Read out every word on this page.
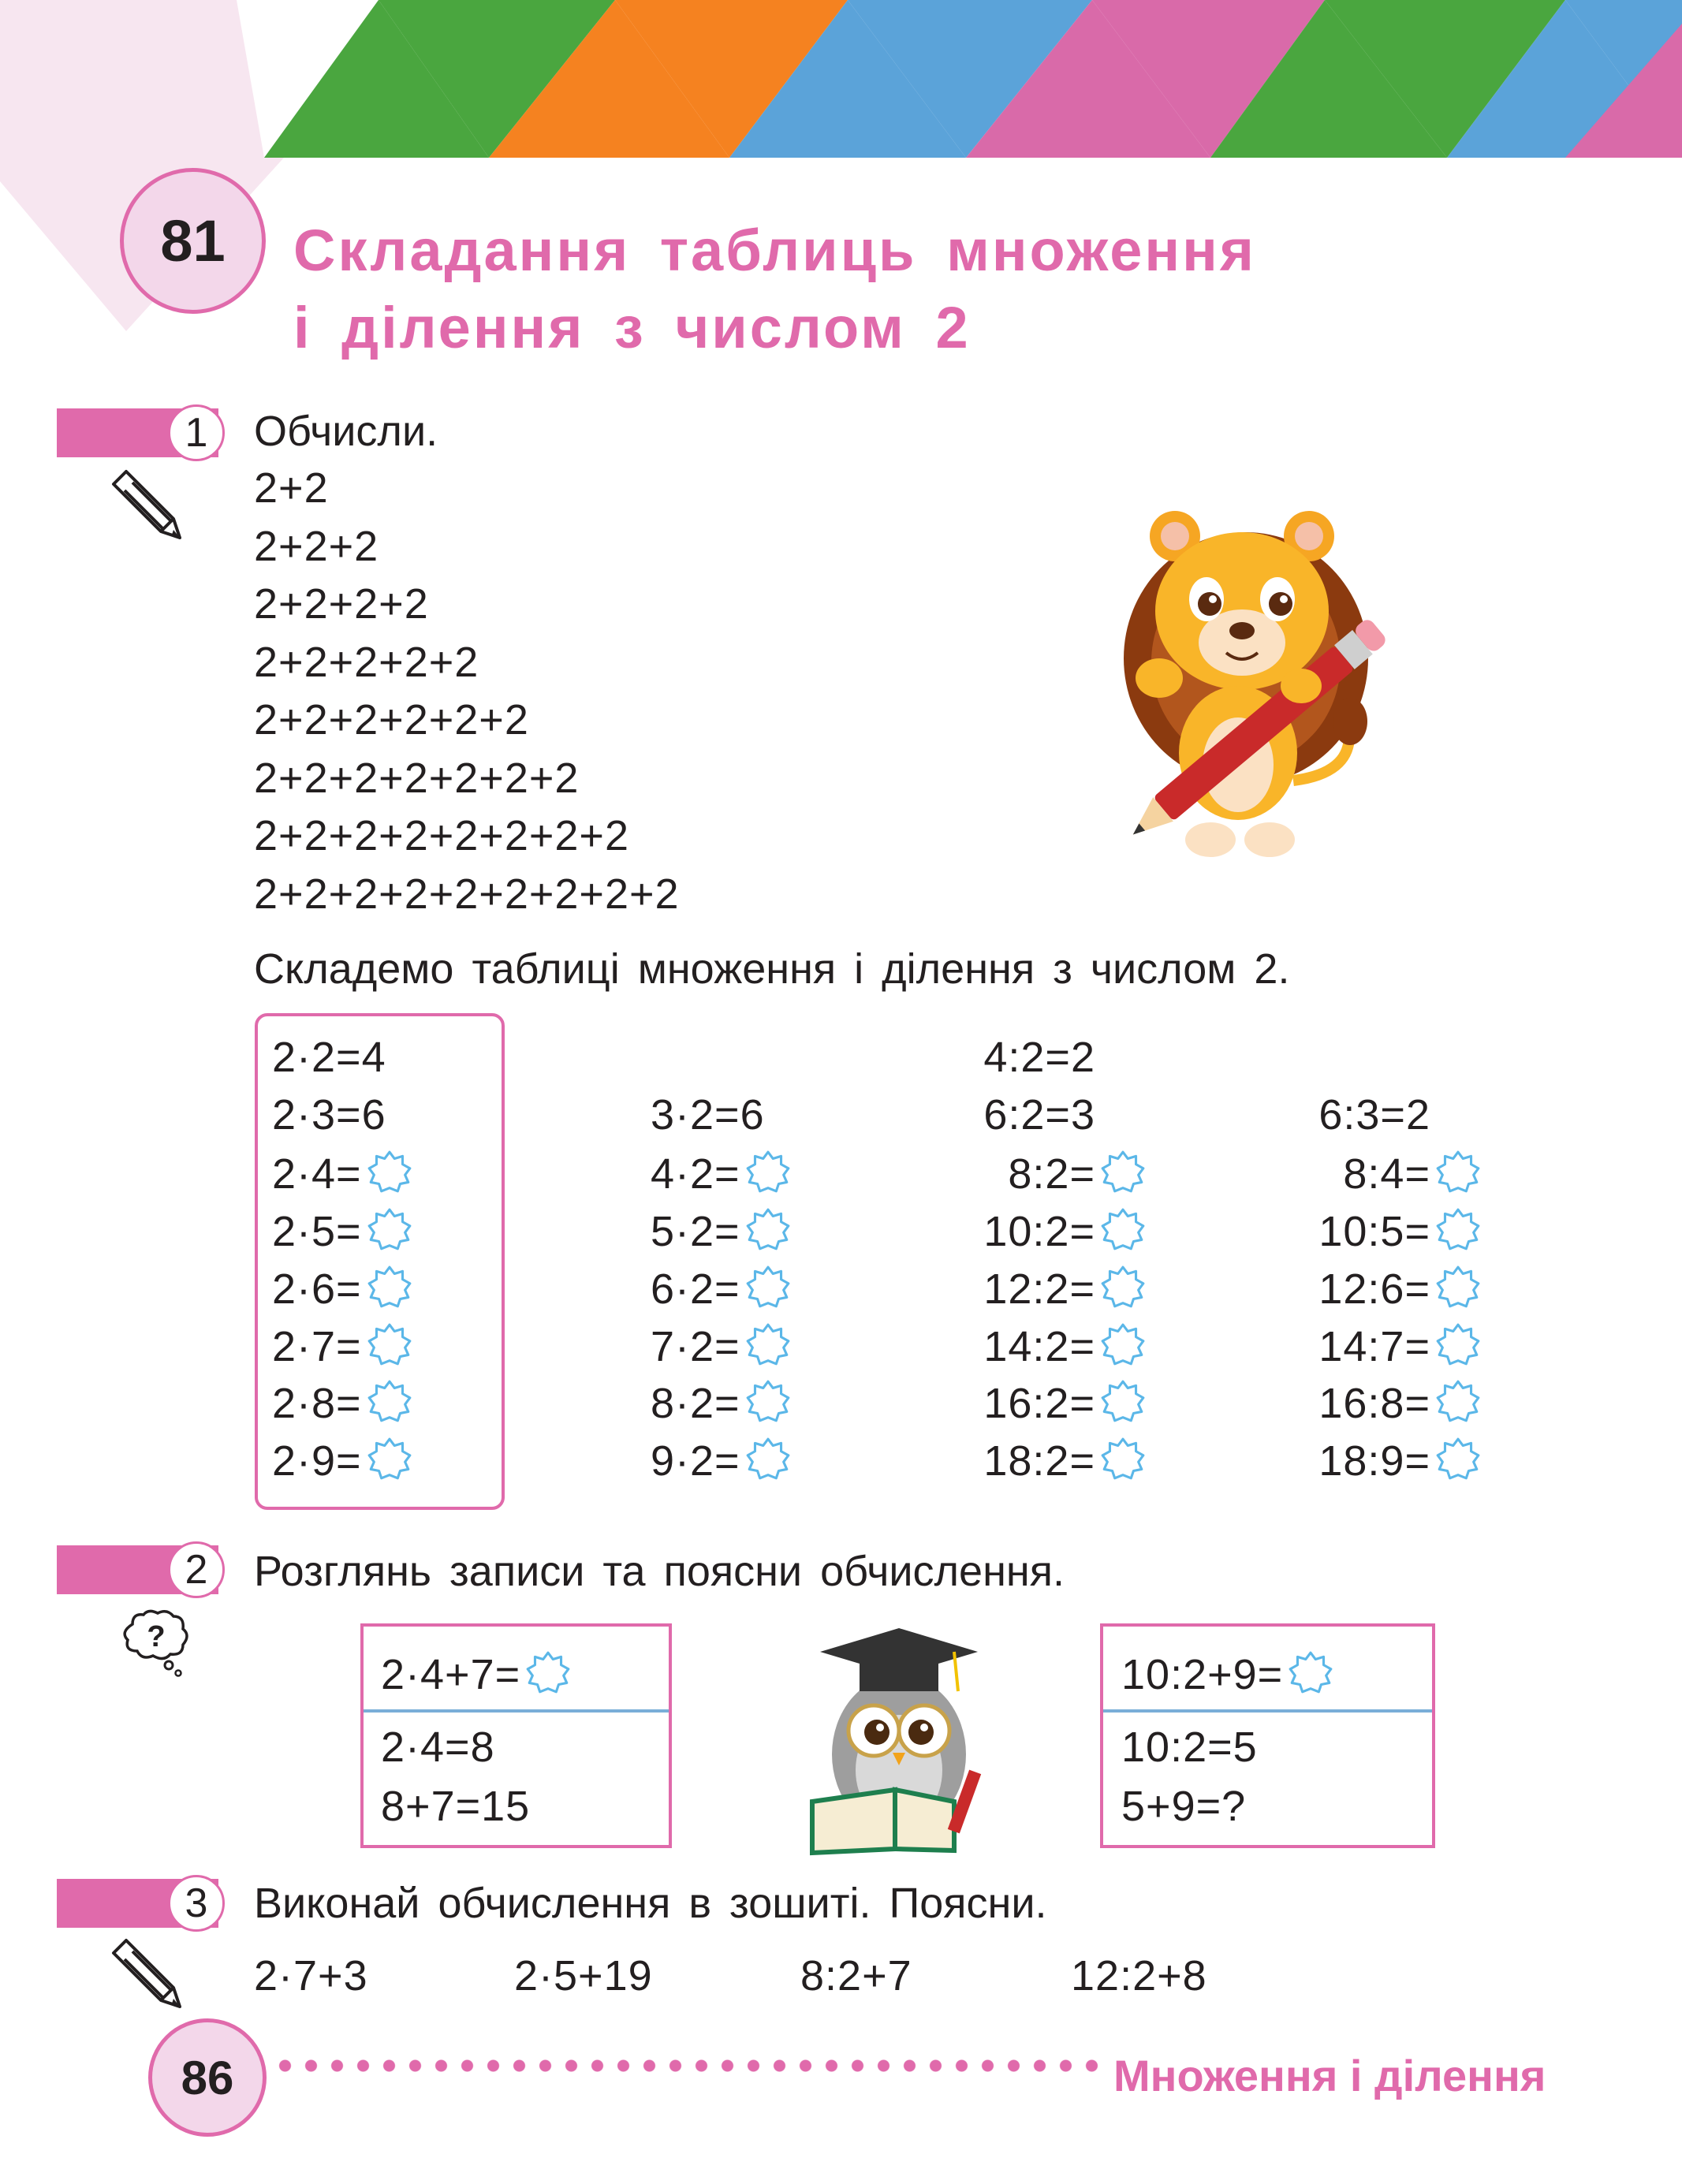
81	Складання таблиць множення
і ділення з числом 2
1	Обчисли.
2+2
2+2+2
2+2+2+2
2+2+2+2+2
2+2+2+2+2+2
2+2+2+2+2+2+2
2+2+2+2+2+2+2+2
2+2+2+2+2+2+2+2+2
Складемо таблиці множення і ділення з числом 2.
2·2=4
2·3=6
2·4=
2·5=
2·6=
2·7=
2·8=
2·9=
3·2=6
4·2=
5·2=
6·2=
7·2=
8·2=
9·2=
4:2=2
6:2=3
8:2=
10:2=
12:2=
14:2=
16:2=
18:2=
6:3=2
8:4=
10:5=
12:6=
14:7=
16:8=
18:9=
2
?
Розглянь записи та поясни обчислення.
2·4+7=
2·4=8
8+7=15
10:2+9=
10:2=5
5+9=?
3	Виконай обчислення в зошиті. Поясни.
2·7+3	2·5+19	8:2+7	12:2+8
86	Множення і ділення
